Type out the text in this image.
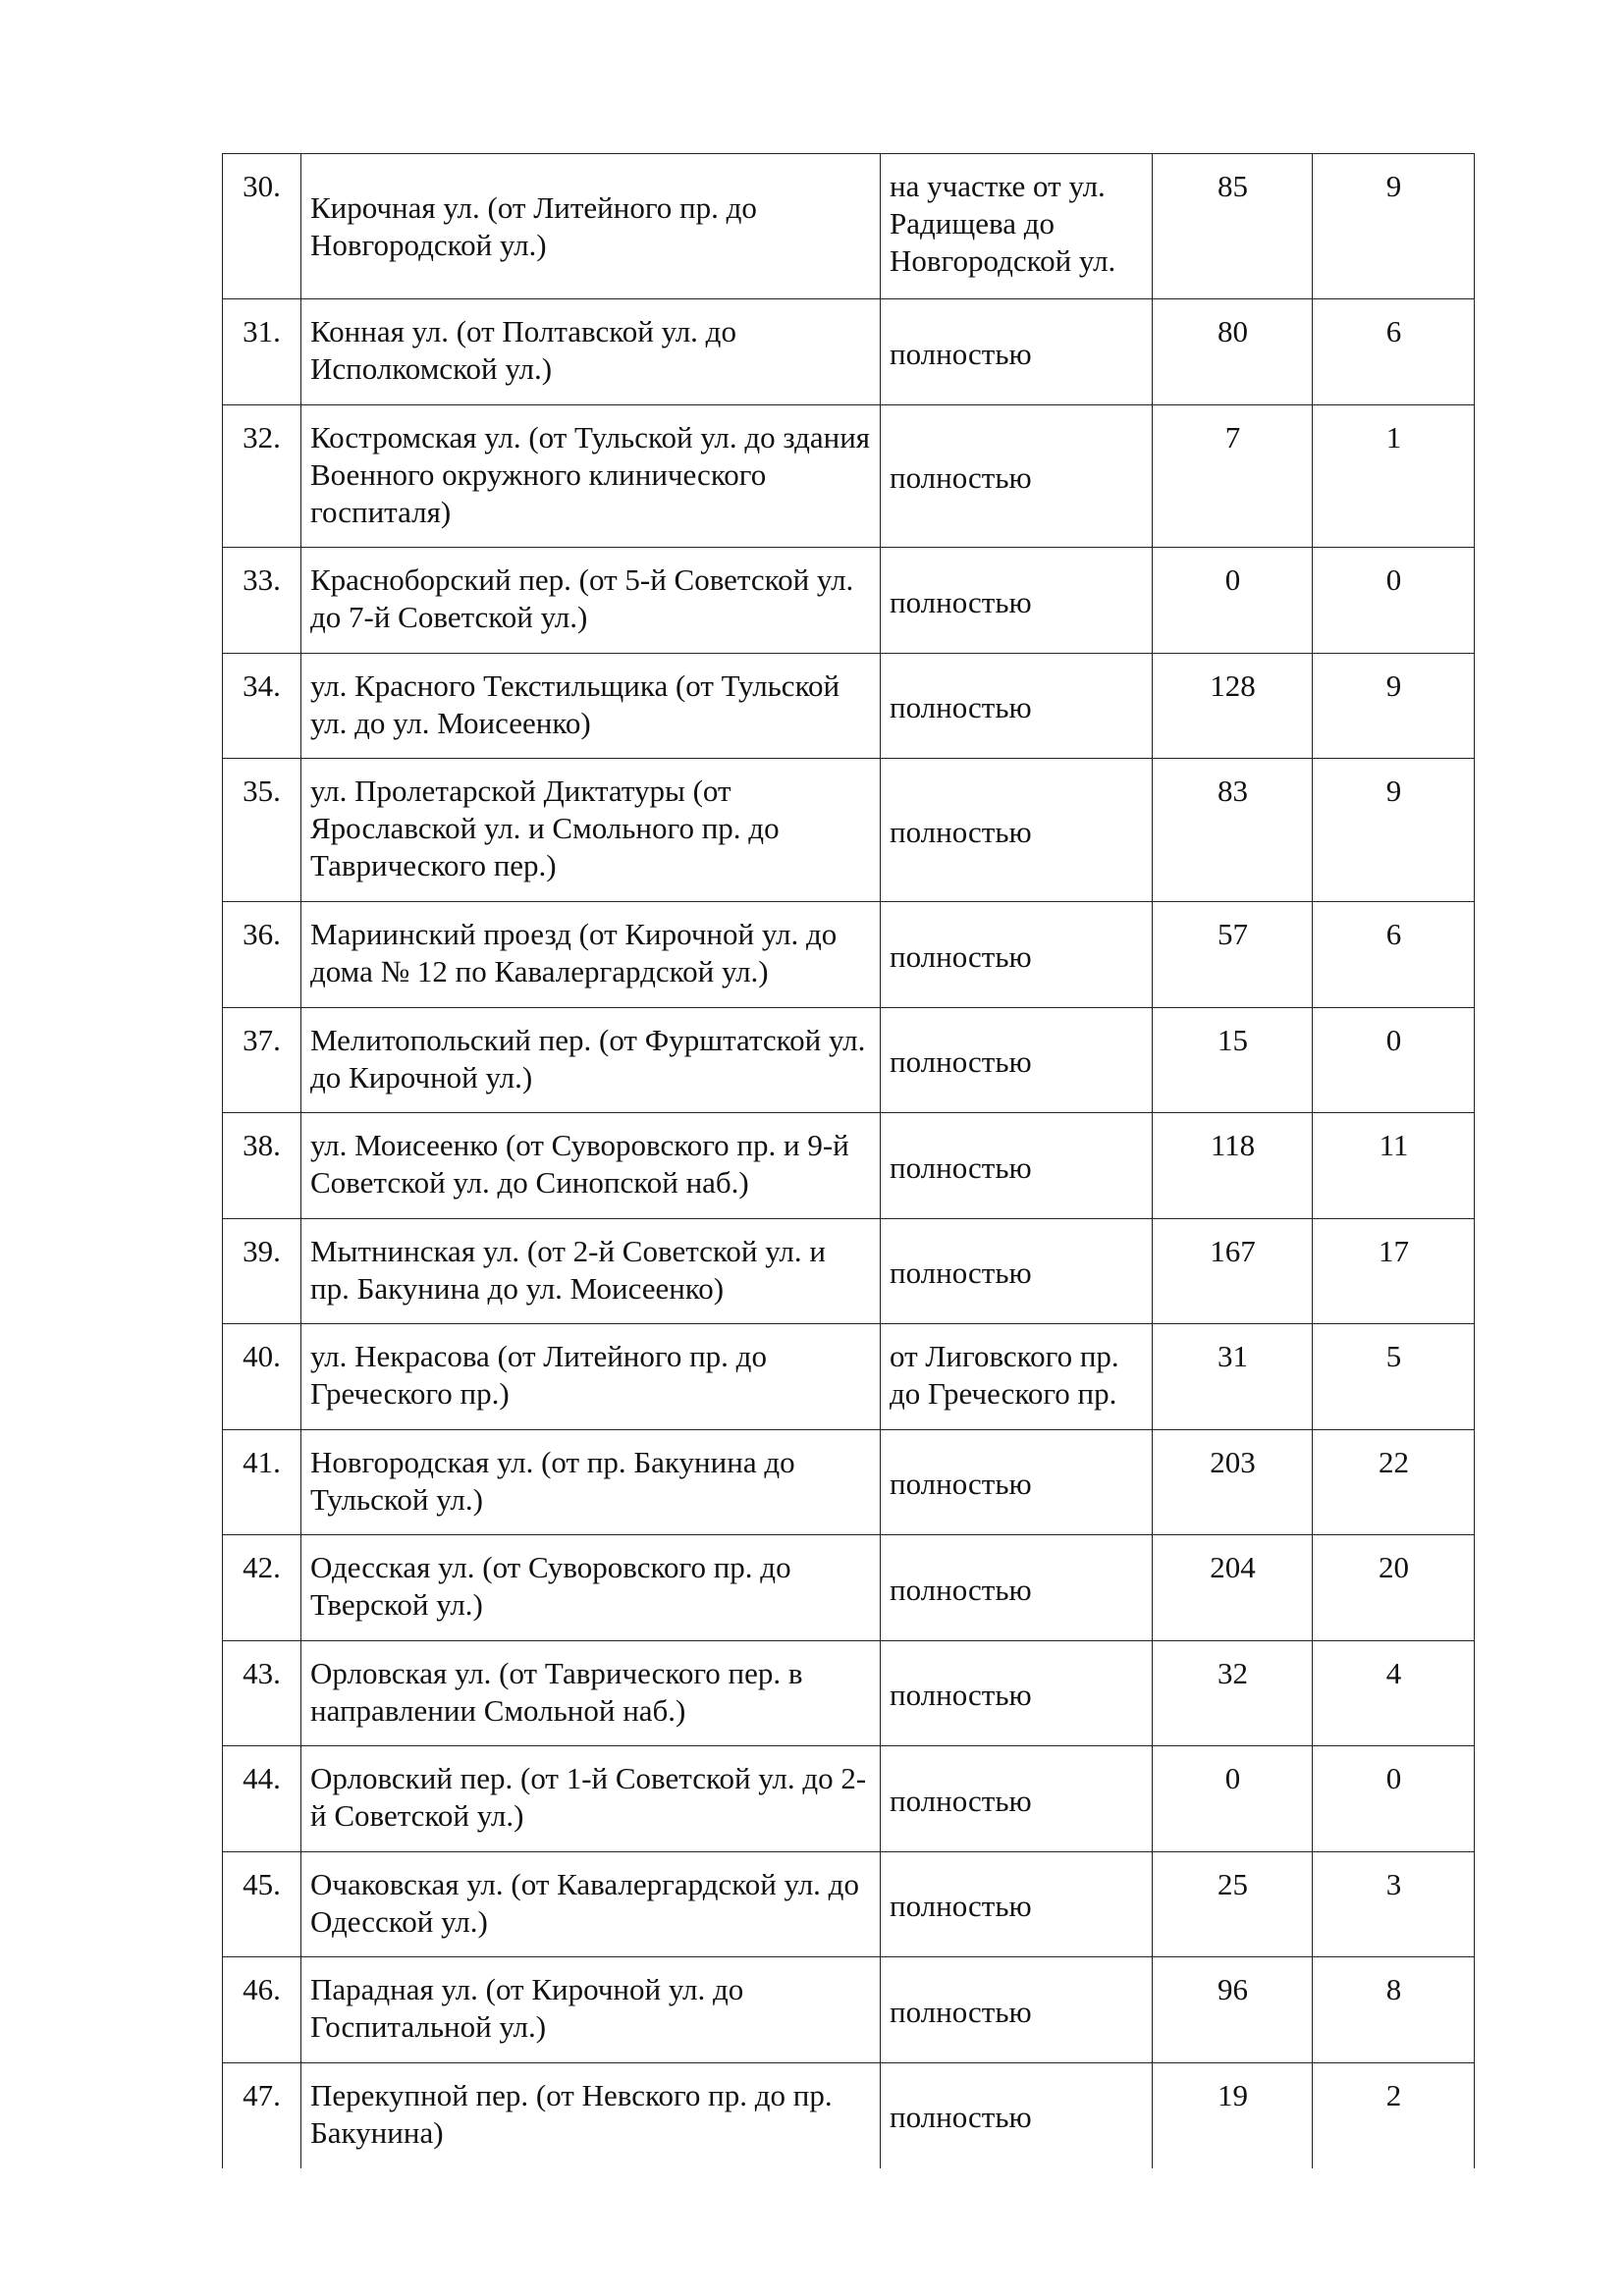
30.	Кирочная ул. (от Литейного пр. до Новгородской ул.)	на участке от ул. Радищева до Новгородской ул.	85	9
31.	Конная ул. (от Полтавской ул. до Исполкомской ул.)	полностью	80	6
32.	Костромская ул. (от Тульской ул. до здания Военного окружного клинического госпиталя)	полностью	7	1
33.	Красноборский пер. (от 5-й Советской ул. до 7-й Советской ул.)	полностью	0	0
34.	ул. Красного Текстильщика (от Тульской ул. до ул. Моисеенко)	полностью	128	9
35.	ул. Пролетарской Диктатуры (от Ярославской ул. и Смольного пр. до Таврического пер.)	полностью	83	9
36.	Мариинский проезд (от Кирочной ул. до дома № 12 по Кавалергардской ул.)	полностью	57	6
37.	Мелитопольский пер. (от Фурштатской ул. до Кирочной ул.)	полностью	15	0
38.	ул. Моисеенко (от Суворовского пр. и 9-й Советской ул. до Синопской наб.)	полностью	118	11
39.	Мытнинская ул. (от 2-й Советской ул. и пр. Бакунина до ул. Моисеенко)	полностью	167	17
40.	ул. Некрасова (от Литейного пр. до Греческого пр.)	от Лиговского пр. до Греческого пр.	31	5
41.	Новгородская ул. (от пр. Бакунина до Тульской ул.)	полностью	203	22
42.	Одесская ул. (от Суворовского пр. до Тверской ул.)	полностью	204	20
43.	Орловская ул. (от Таврического пер. в направлении Смольной наб.)	полностью	32	4
44.	Орловский пер. (от 1-й Советской ул. до 2-й Советской ул.)	полностью	0	0
45.	Очаковская ул. (от Кавалергардской ул. до Одесской ул.)	полностью	25	3
46.	Парадная ул. (от Кирочной ул. до Госпитальной ул.)	полностью	96	8
47.	Перекупной пер. (от Невского пр. до пр. Бакунина)	полностью	19	2
